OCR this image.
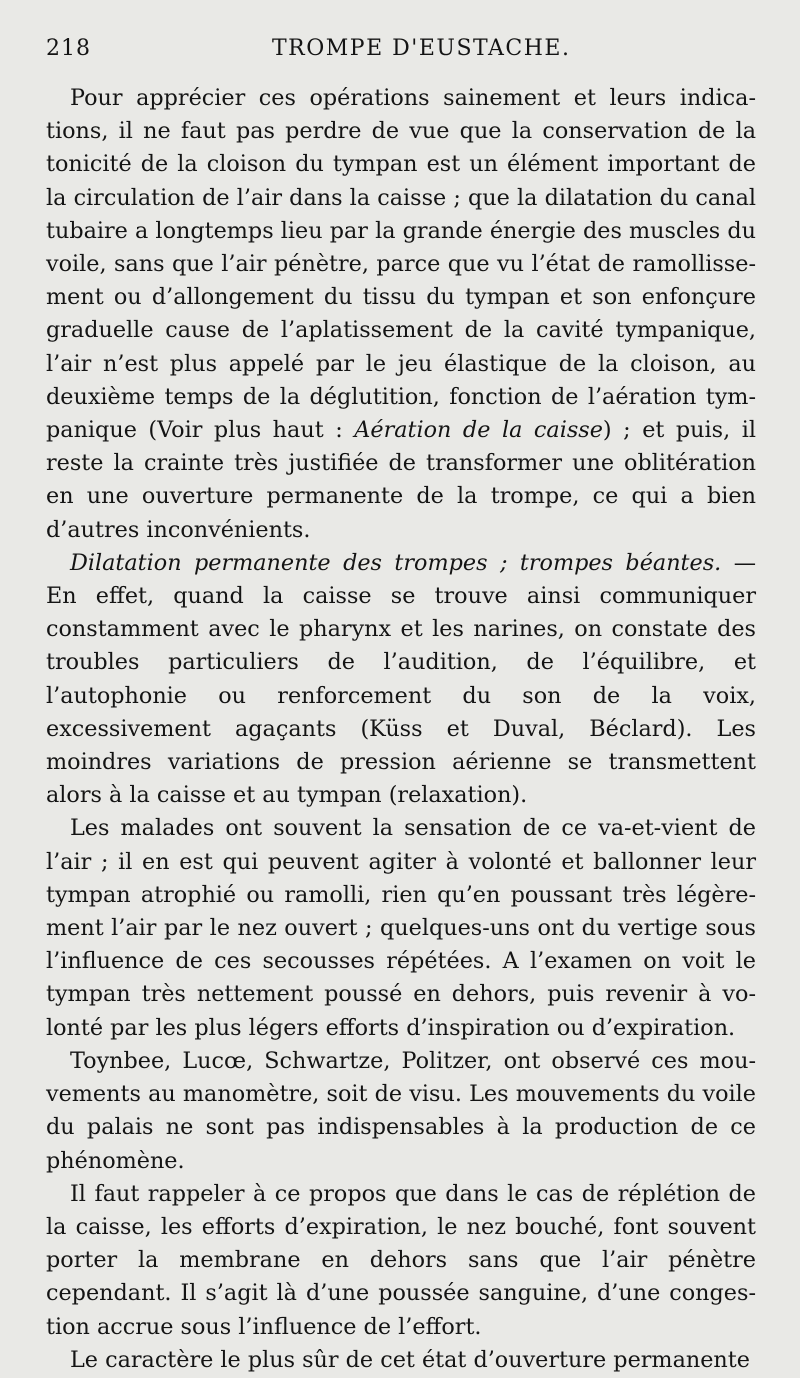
218	TROMPE D'EUSTACHE.

Pour apprécier ces opérations sainement et leurs indications, il ne faut pas perdre de vue que la conservation de la tonicité de la cloison du tympan est un élément important de la circulation de l’air dans la caisse ; que la dilatation du canal tubaire a longtemps lieu par la grande énergie des muscles du voile, sans que l’air pénètre, parce que vu l’état de ramollissement ou d’allongement du tissu du tympan et son enfonçure graduelle cause de l’aplatissement de la cavité tympanique, l’air n’est plus appelé par le jeu élastique de la cloison, au deuxième temps de la déglutition, fonction de l’aération tympanique (Voir plus haut : Aération de la caisse) ; et puis, il reste la crainte très justifiée de transformer une oblitération en une ouverture permanente de la trompe, ce qui a bien d’autres inconvénients.

Dilatation permanente des trompes ; trompes béantes. — En effet, quand la caisse se trouve ainsi communiquer constamment avec le pharynx et les narines, on constate des troubles particuliers de l’audition, de l’équilibre, et l’autophonie ou renforcement du son de la voix, excessivement agaçants (Küss et Duval, Béclard). Les moindres variations de pression aérienne se transmettent alors à la caisse et au tympan (relaxation).

Les malades ont souvent la sensation de ce va-et-vient de l’air ; il en est qui peuvent agiter à volonté et ballonner leur tympan atrophié ou ramolli, rien qu’en poussant très légèrement l’air par le nez ouvert ; quelques-uns ont du vertige sous l’influence de ces secousses répétées. A l’examen on voit le tympan très nettement poussé en dehors, puis revenir à volonté par les plus légers efforts d’inspiration ou d’expiration.

Toynbee, Lucœ, Schwartze, Politzer, ont observé ces mouvements au manomètre, soit de visu. Les mouvements du voile du palais ne sont pas indispensables à la production de ce phénomène.

Il faut rappeler à ce propos que dans le cas de réplétion de la caisse, les efforts d’expiration, le nez bouché, font souvent porter la membrane en dehors sans que l’air pénètre cependant. Il s’agit là d’une poussée sanguine, d’une congestion accrue sous l’influence de l’effort.

Le caractère le plus sûr de cet état d’ouverture permanente
